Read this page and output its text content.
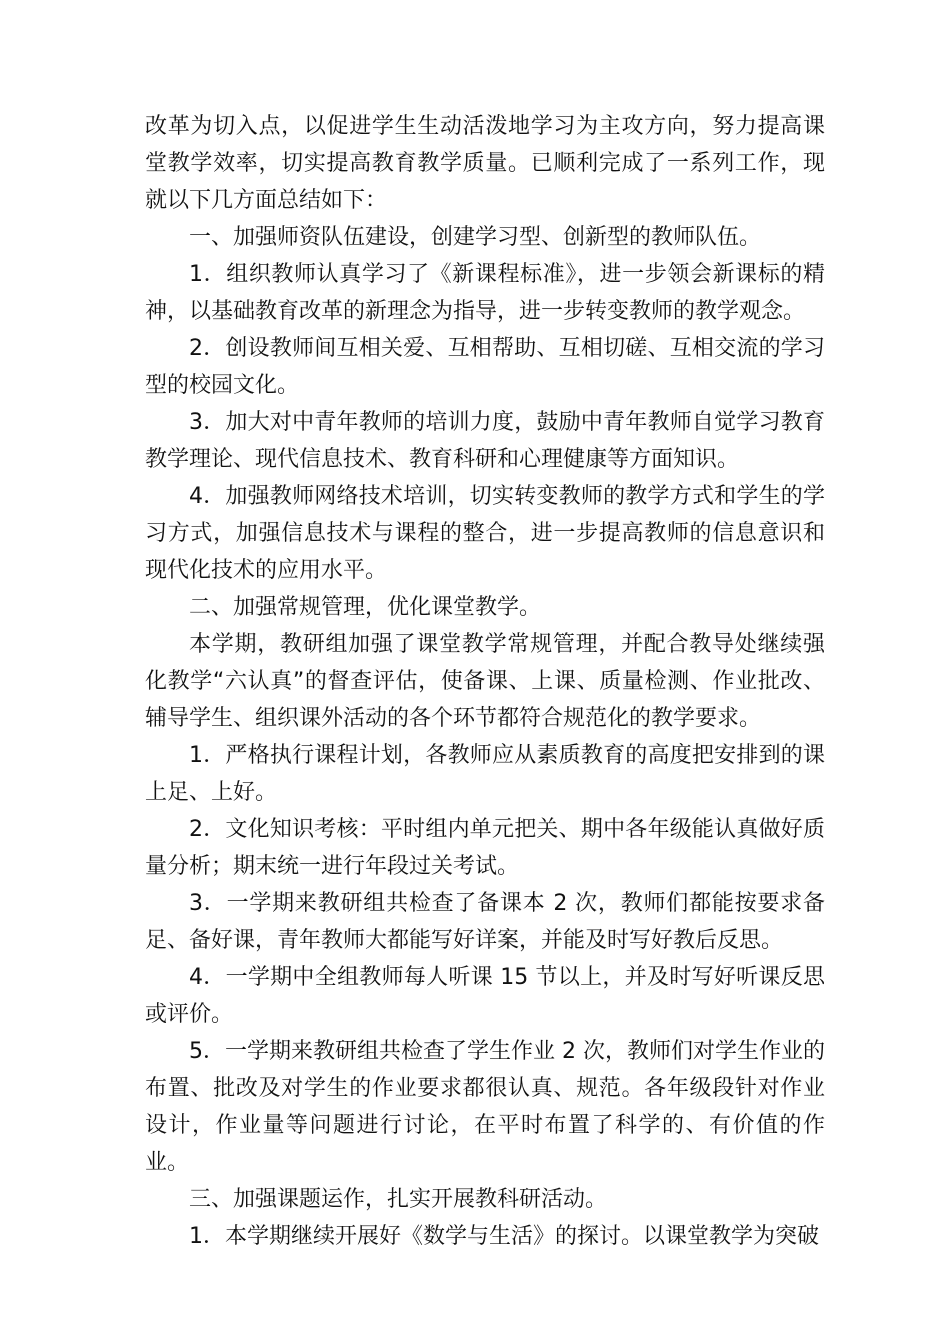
改革为切入点，以促进学生生动活泼地学习为主攻方向，努力提高课堂教学效率，切实提高教育教学质量。已顺利完成了一系列工作，现就以下几方面总结如下：

一、加强师资队伍建设，创建学习型、创新型的教师队伍。

1．组织教师认真学习了《新课程标准》，进一步领会新课标的精神，以基础教育改革的新理念为指导，进一步转变教师的教学观念。

2．创设教师间互相关爱、互相帮助、互相切磋、互相交流的学习型的校园文化。

3．加大对中青年教师的培训力度，鼓励中青年教师自觉学习教育教学理论、现代信息技术、教育科研和心理健康等方面知识。

4．加强教师网络技术培训，切实转变教师的教学方式和学生的学习方式，加强信息技术与课程的整合，进一步提高教师的信息意识和现代化技术的应用水平。

二、加强常规管理，优化课堂教学。

本学期，教研组加强了课堂教学常规管理，并配合教导处继续强化教学“六认真”的督查评估，使备课、上课、质量检测、作业批改、辅导学生、组织课外活动的各个环节都符合规范化的教学要求。

1．严格执行课程计划，各教师应从素质教育的高度把安排到的课上足、上好。

2．文化知识考核：平时组内单元把关、期中各年级能认真做好质量分析；期末统一进行年段过关考试。

3．一学期来教研组共检查了备课本 2 次，教师们都能按要求备足、备好课，青年教师大都能写好详案，并能及时写好教后反思。

4．一学期中全组教师每人听课 15 节以上，并及时写好听课反思或评价。

5．一学期来教研组共检查了学生作业 2 次，教师们对学生作业的布置、批改及对学生的作业要求都很认真、规范。各年级段针对作业设计，作业量等问题进行讨论，在平时布置了科学的、有价值的作业。

三、加强课题运作，扎实开展教科研活动。

1．本学期继续开展好《数学与生活》的探讨。以课堂教学为突破
